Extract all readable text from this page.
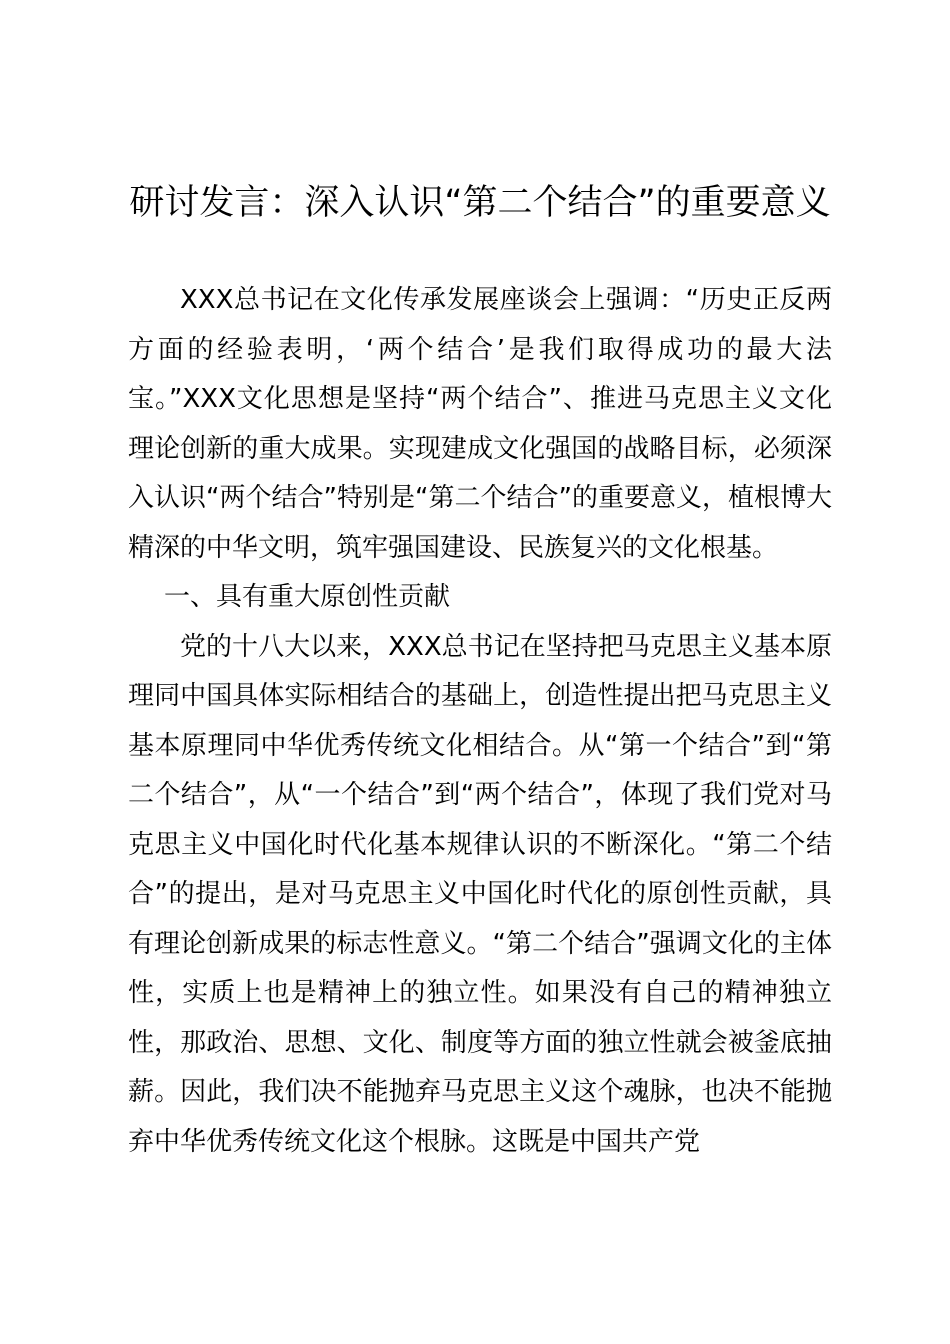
研讨发言：深入认识“第二个结合”的重要意义

XXX总书记在文化传承发展座谈会上强调：“历史正反两方面的经验表明，‘两个结合’是我们取得成功的最大法宝。”XXX文化思想是坚持“两个结合”、推进马克思主义文化理论创新的重大成果。实现建成文化强国的战略目标，必须深入认识“两个结合”特别是“第二个结合”的重要意义，植根博大精深的中华文明，筑牢强国建设、民族复兴的文化根基。

一、具有重大原创性贡献

党的十八大以来，XXX总书记在坚持把马克思主义基本原理同中国具体实际相结合的基础上，创造性提出把马克思主义基本原理同中华优秀传统文化相结合。从“第一个结合”到“第二个结合”，从“一个结合”到“两个结合”，体现了我们党对马克思主义中国化时代化基本规律认识的不断深化。“第二个结合”的提出，是对马克思主义中国化时代化的原创性贡献，具有理论创新成果的标志性意义。“第二个结合”强调文化的主体性，实质上也是精神上的独立性。如果没有自己的精神独立性，那政治、思想、文化、制度等方面的独立性就会被釜底抽薪。因此，我们决不能抛弃马克思主义这个魂脉，也决不能抛弃中华优秀传统文化这个根脉。这既是中国共产党
